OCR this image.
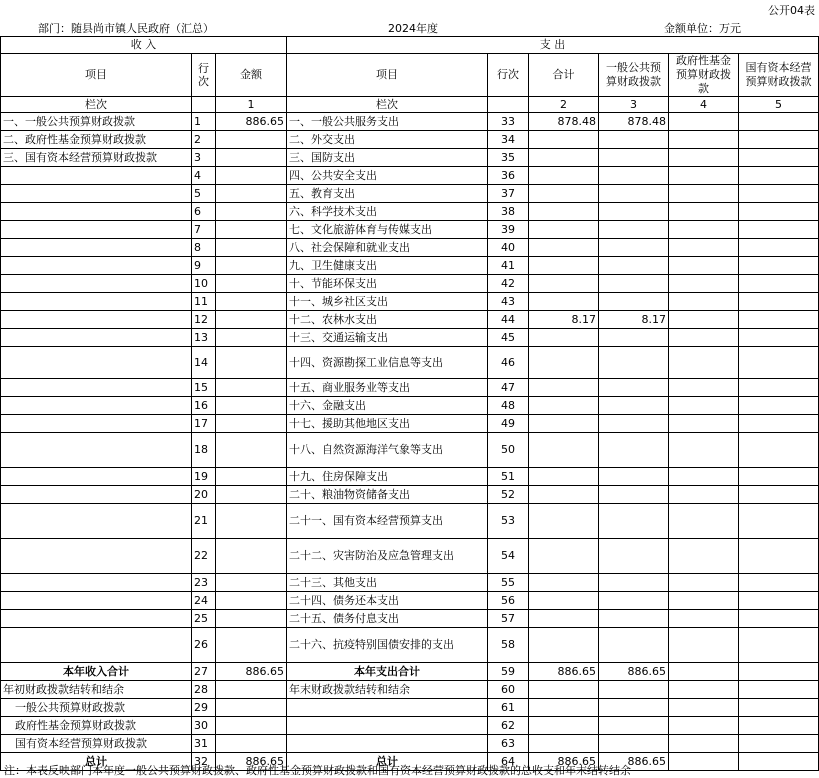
公开04表
部门：随县尚市镇人民政府（汇总）	2024年度	金额单位：万元
收 入			支 出					
项目	行次	金额	项目	行次	合计	一般公共预算财政拨款	政府性基金预算财政拨款	国有资本经营预算财政拨款
栏次		1	栏次		2	3	4	5
一、一般公共预算财政拨款	1	886.65	一、一般公共服务支出	33	878.48	878.48		
二、政府性基金预算财政拨款	2		二、外交支出	34				
三、国有资本经营预算财政拨款	3		三、国防支出	35				
	4		四、公共安全支出	36				
	5		五、教育支出	37				
	6		六、科学技术支出	38				
	7		七、文化旅游体育与传媒支出	39				
	8		八、社会保障和就业支出	40				
	9		九、卫生健康支出	41				
	10		十、节能环保支出	42				
	11		十一、城乡社区支出	43				
	12		十二、农林水支出	44	8.17	8.17		
	13		十三、交通运输支出	45				
	14		十四、资源勘探工业信息等支出	46				
	15		十五、商业服务业等支出	47				
	16		十六、金融支出	48				
	17		十七、援助其他地区支出	49				
	18		十八、自然资源海洋气象等支出	50				
	19		十九、住房保障支出	51				
	20		二十、粮油物资储备支出	52				
	21		二十一、国有资本经营预算支出	53				
	22		二十二、灾害防治及应急管理支出	54				
	23		二十三、其他支出	55				
	24		二十四、债务还本支出	56				
	25		二十五、债务付息支出	57				
	26		二十六、抗疫特别国债安排的支出	58				
本年收入合计	27	886.65	本年支出合计	59	886.65	886.65		
年初财政拨款结转和结余	28		年末财政拨款结转和结余	60				
一般公共预算财政拨款	29			61				
政府性基金预算财政拨款	30			62				
国有资本经营预算财政拨款	31			63				
总计	32	886.65	总计	64	886.65	886.65		
注：本表反映部门本年度一般公共预算财政拨款、政府性基金预算财政拨款和国有资本经营预算财政拨款的总收支和年末结转结余
